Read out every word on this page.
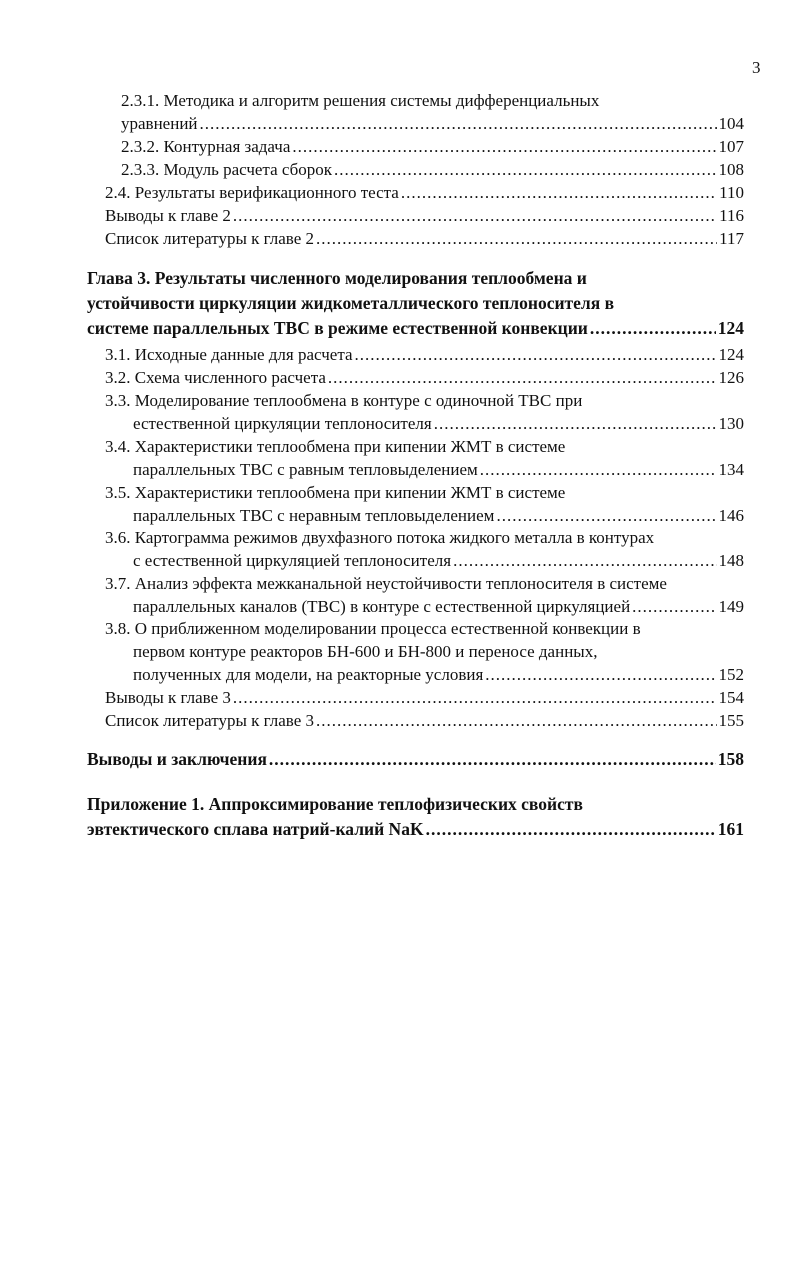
3
2.3.1. Методика и алгоритм решения системы дифференциальных
уравнений .....	104
2.3.2. Контурная задача .....	107
2.3.3. Модуль расчета сборок .....	108
2.4. Результаты верификационного теста .....	110
Выводы к главе 2 .....	116
Список литературы к главе 2 .....	117
Глава 3. Результаты численного моделирования теплообмена и
устойчивости циркуляции жидкометаллического теплоносителя в
системе параллельных ТВС в режиме естественной конвекции .....	124
3.1. Исходные данные для расчета .....	124
3.2. Схема численного расчета .....	126
3.3. Моделирование теплообмена в контуре с одиночной ТВС при
естественной циркуляции теплоносителя .....	130
3.4. Характеристики теплообмена при кипении ЖМТ в системе
параллельных ТВС с равным тепловыделением .....	134
3.5. Характеристики теплообмена при кипении ЖМТ в системе
параллельных ТВС с неравным тепловыделением .....	146
3.6. Картограмма режимов двухфазного потока жидкого металла в контурах
с естественной циркуляцией теплоносителя .....	148
3.7. Анализ эффекта межканальной неустойчивости теплоносителя в системе
параллельных каналов (ТВС) в контуре с естественной циркуляцией .....	149
3.8. О приближенном моделировании процесса естественной конвекции в
первом контуре реакторов БН-600 и БН-800 и переносе данных,
полученных для модели, на реакторные условия .....	152
Выводы к главе 3 .....	154
Список литературы к главе 3 .....	155
Выводы и заключения .....	158
Приложение 1. Аппроксимирование теплофизических свойств
эвтектического сплава натрий-калий NaK .....	161
